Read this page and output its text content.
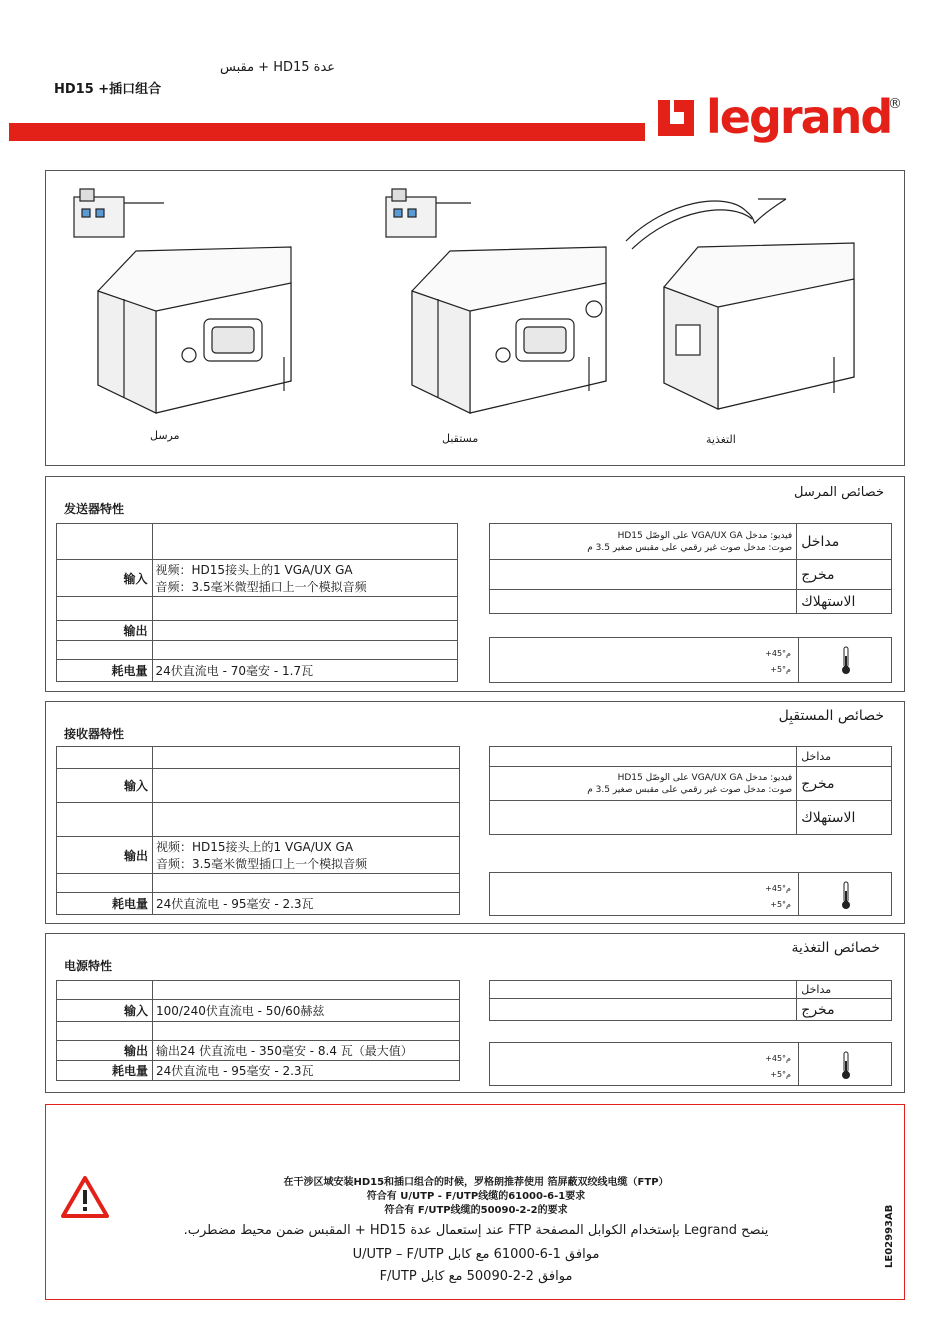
عدة HD15 + مقبس
HD15 +插口组合
legrand
®
مرسل	مستقبل	التغذية
خصائص المرسل
发送器特性

输入	视频：HD15接头上的1 VGA/UX GA
音频：3.5毫米微型插口上一个模拟音频

输出	

耗电量	24伏直流电 - 70毫安 - 1.7瓦
فيديو: مدخل VGA/UX GA على الوصّل HD15
صوت: مدخل صوت غير رقمي على مقبس صغير 3.5 م	مداخل
	مخرج
	الاستهلاك
+45°م
+5°م
خصائص المستقبِل
接收器特性

输入	

输出	视频：HD15接头上的1 VGA/UX GA
音频：3.5毫米微型插口上一个模拟音频

耗电量	24伏直流电 - 95毫安 - 2.3瓦
	مداخل

فيديو: مدخل VGA/UX GA على الوصّل HD15
صوت: مدخل صوت غير رقمي على مقبس صغير 3.5 م	مخرج
	الاستهلاك
+45°م
+5°م
خصائص التغذية
电源特性

输入	100/240伏直流电 - 50/60赫兹

输出	输出24 伏直流电 - 350毫安 - 8.4 瓦（最大值）
耗电量	24伏直流电 - 95毫安 - 2.3瓦
	مداخل
	مخرج
+45°م
+5°م
在干涉区域安装HD15和插口组合的时候，罗格朗推荐使用 箔屏蔽双绞线电缆（FTP）
符合有 U/UTP - F/UTP线缆的61000-6-1要求
符合有 F/UTP线缆的50090-2-2的要求
ينصح Legrand بإستخدام الكوابل المصفحة FTP عند إستعمال عدة HD15 + المقبس ضمن محيط مضطرب.
موافق 1-6-61000 مع كابل U/UTP – F/UTP
موافق 2-2-50090 مع كابل F/UTP
LE02993AB
